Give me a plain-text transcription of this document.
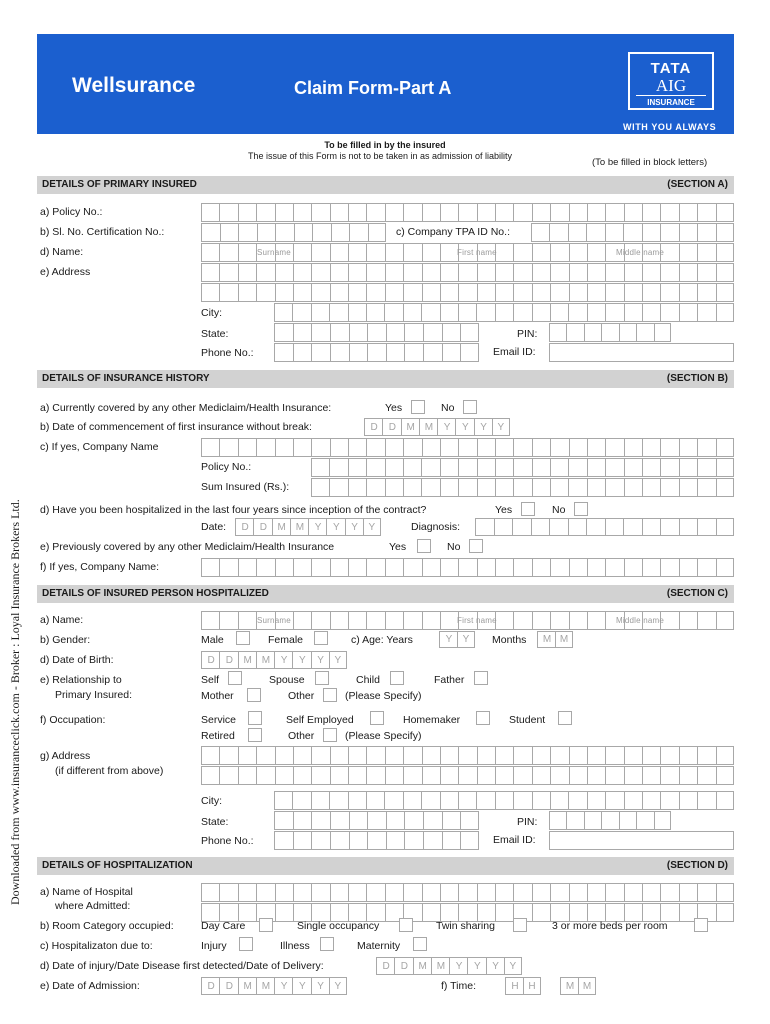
Wellsurance	Claim Form-Part A
TATA
AIG
INSURANCE
WITH YOU ALWAYS
To be filled in by the insured
The issue of this Form is not to be taken in as admission of liability
(To be filled in block letters)
Downloaded from www.insuranceclick.com - Broker : Loyal Insurance Brokers Ltd.
DETAILS OF PRIMARY INSURED	(SECTION A)
a) Policy No.:
b) Sl. No. Certification No.:	c) Company TPA ID No.:
d) Name:	Surname	First name	Middle name
e) Address
City:
State:	PIN:
Phone No.:	Email ID:
DETAILS OF INSURANCE HISTORY	(SECTION B)
a) Currently covered by any other Mediclaim/Health Insurance:	Yes	No
b) Date of commencement of first insurance without break:	D	D	M M	Y	Y	Y	Y
c) If yes, Company Name
Policy No.:
Sum Insured (Rs.):
d) Have you been hospitalized in the last four years since inception of the contract?	Yes	No
Date:	D	D	M M	Y	Y	Y	Y	Diagnosis:
e) Previously covered by any other Mediclaim/Health Insurance	Yes	No
f) If yes, Company Name:
DETAILS OF INSURED PERSON HOSPITALIZED	(SECTION C)
a) Name:	Surname	First name	Middle name
b) Gender:	Male	Female	c) Age: Years	Y	Y	Months	M M
d) Date of Birth:	D	D	M M	Y	Y	Y	Y
e) Relationship to
Primary Insured:
Self	Spouse	Child	Father
Mother	Other	(Please Specify)
f) Occupation:	Service	Self Employed	Homemaker	Student
Retired	Other	(Please Specify)
g) Address
(if different from above)
City:
State:	PIN:
Phone No.:	Email ID:
DETAILS OF HOSPITALIZATION	(SECTION D)
a) Name of Hospital
where Admitted:
b) Room Category occupied:	Day Care	Single occupancy	Twin sharing	3 or more beds per room
c) Hospitalizaton due to:	Injury	Illness	Maternity
d) Date of injury/Date Disease first detected/Date of Delivery:	D	D	M M	Y	Y	Y	Y
e) Date of Admission:	D	D	M M	Y	Y	Y	Y	f) Time:	H H	M M
